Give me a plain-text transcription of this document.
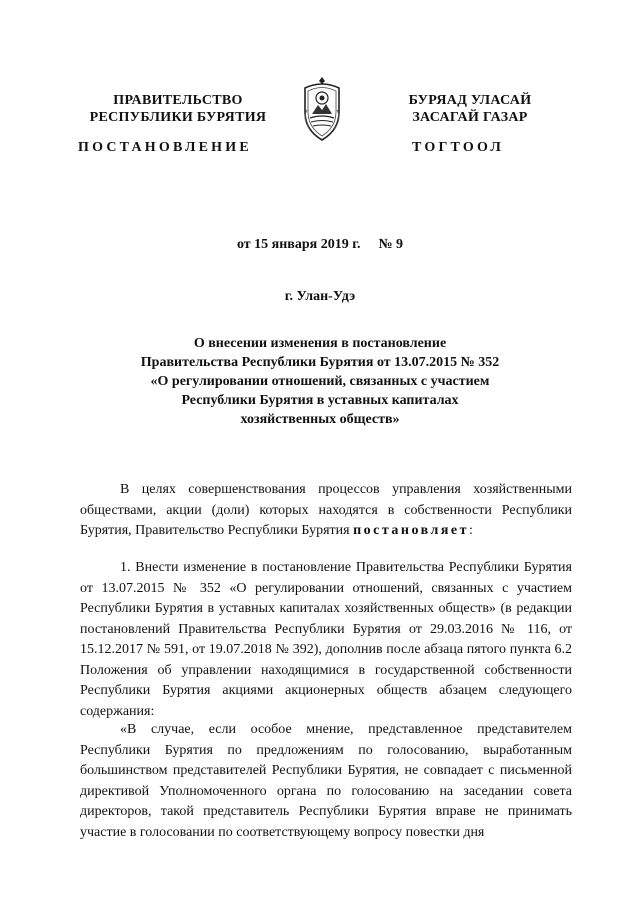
ПРАВИТЕЛЬСТВО
РЕСПУБЛИКИ БУРЯТИЯ
БУРЯАД УЛАСАЙ
ЗАСАГАЙ ГАЗАР
ПОСТАНОВЛЕНИЕ	ТОГТООЛ
от 15 января 2019 г. № 9
г. Улан-Удэ
О внесении изменения в постановление
Правительства Республики Бурятия от 13.07.2015 № 352
«О регулировании отношений, связанных с участием
Республики Бурятия в уставных капиталах
хозяйственных обществ»

В целях совершенствования процессов управления хозяйственными обществами, акции (доли) которых находятся в собственности Республики Бурятия, Правительство Республики Бурятия постановляет:

1. Внести изменение в постановление Правительства Республики Бурятия от 13.07.2015 № 352 «О регулировании отношений, связанных с участием Республики Бурятия в уставных капиталах хозяйственных обществ» (в редакции постановлений Правительства Республики Бурятия от 29.03.2016 № 116, от 15.12.2017 № 591, от 19.07.2018 № 392), дополнив после абзаца пятого пункта 6.2 Положения об управлении находящимися в государственной собственности Республики Бурятия акциями акционерных обществ абзацем следующего содержания:

«В случае, если особое мнение, представленное представителем Республики Бурятия по предложениям по голосованию, выработанным большинством представителей Республики Бурятия, не совпадает с письменной директивой Уполномоченного органа по голосованию на заседании совета директоров, такой представитель Республики Бурятия вправе не принимать участие в голосовании по соответствующему вопросу повестки дня
